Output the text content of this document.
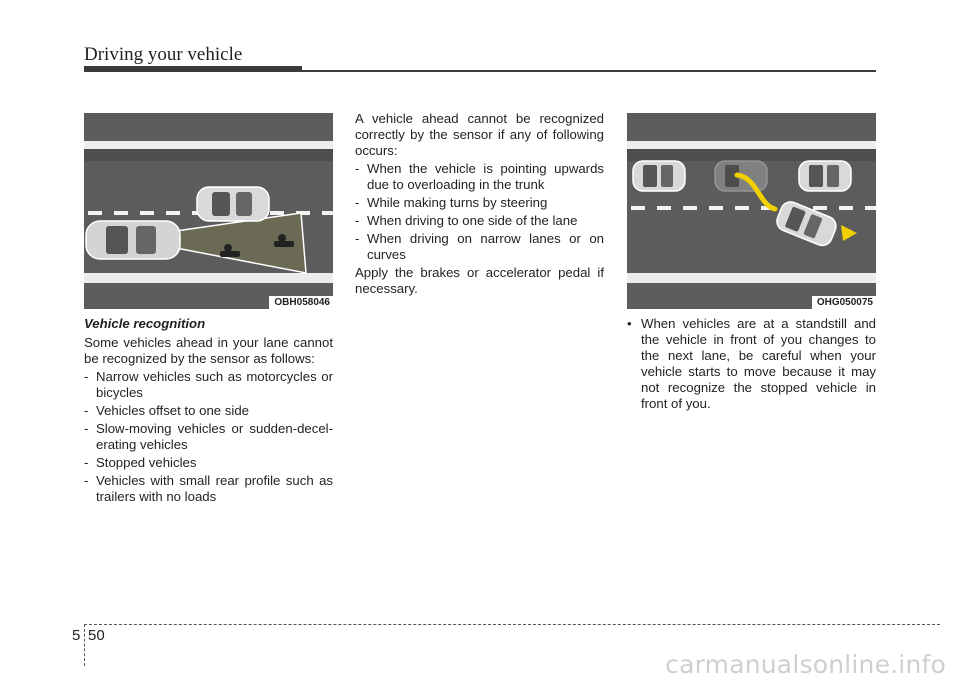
Driving your vehicle
OBH058046	OHG050075

Vehicle recognition

Some vehicles ahead in your lane cannot be recognized by the sensor as follows:

- Narrow vehicles such as motorcycles or bicycles
- Vehicles offset to one side
- Slow-moving vehicles or sudden-decel-erating vehicles
- Stopped vehicles
- Vehicles with small rear profile such as trailers with no loads

A vehicle ahead cannot be recognized correctly by the sensor if any of following occurs:

- When the vehicle is pointing upwards due to overloading in the trunk
- While making turns by steering
- When driving to one side of the lane
- When driving on narrow lanes or on curves

Apply the brakes or accelerator pedal if necessary.

• When vehicles are at a standstill and the vehicle in front of you changes to the next lane, be careful when your vehicle starts to move because it may not recognize the stopped vehicle in front of you.
5 50
carmanualsonline.info
